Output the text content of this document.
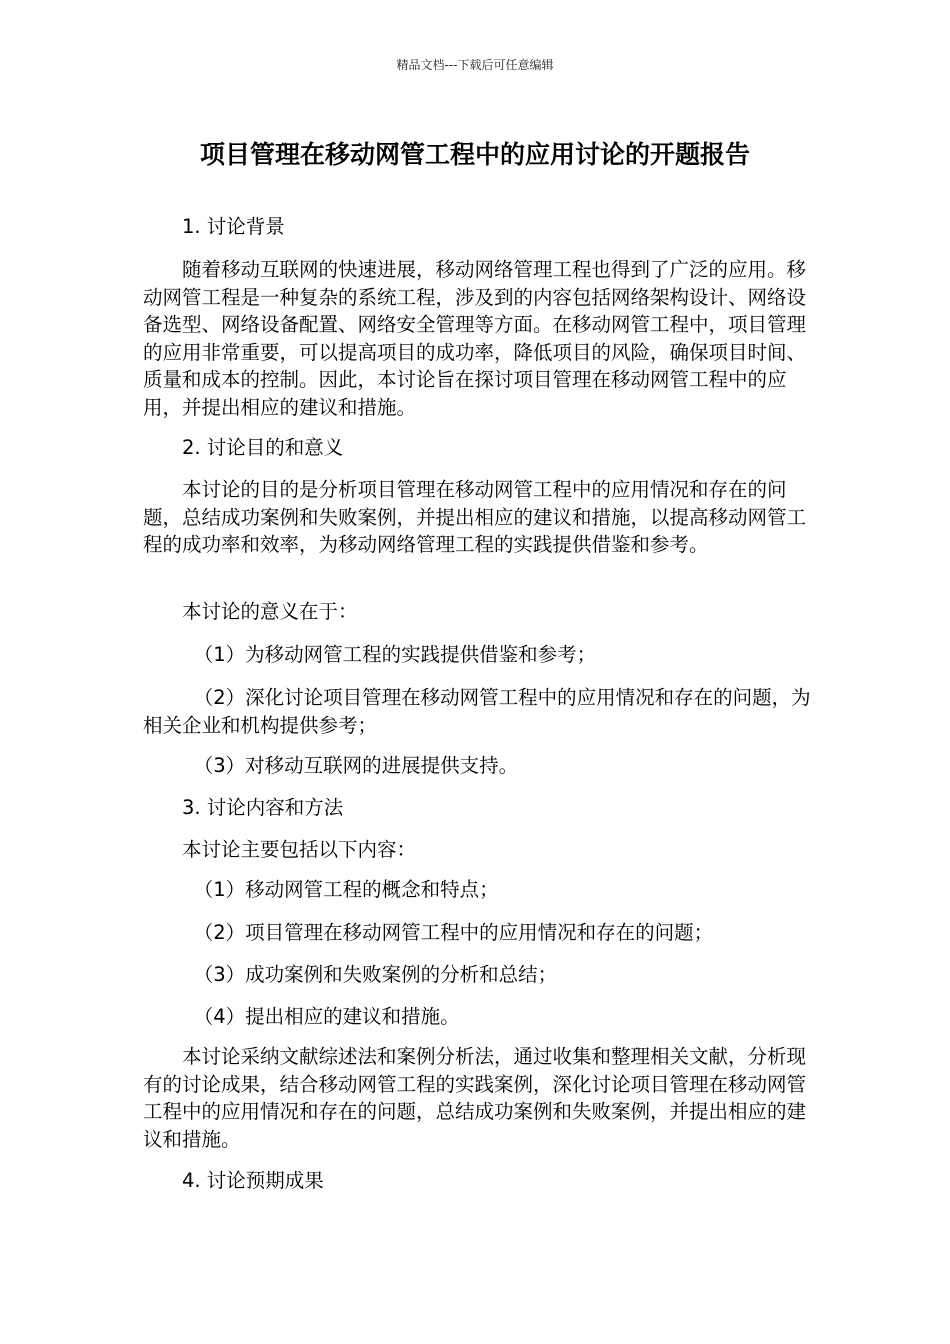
精品文档---下载后可任意编辑
项目管理在移动网管工程中的应用讨论的开题报告

1. 讨论背景

随着移动互联网的快速进展，移动网络管理工程也得到了广泛的应用。移动网管工程是一种复杂的系统工程，涉及到的内容包括网络架构设计、网络设备选型、网络设备配置、网络安全管理等方面。在移动网管工程中，项目管理的应用非常重要，可以提高项目的成功率，降低项目的风险，确保项目时间、质量和成本的控制。因此，本讨论旨在探讨项目管理在移动网管工程中的应用，并提出相应的建议和措施。

2. 讨论目的和意义

本讨论的目的是分析项目管理在移动网管工程中的应用情况和存在的问题，总结成功案例和失败案例，并提出相应的建议和措施，以提高移动网管工程的成功率和效率，为移动网络管理工程的实践提供借鉴和参考。

本讨论的意义在于：

（1）为移动网管工程的实践提供借鉴和参考；

（2）深化讨论项目管理在移动网管工程中的应用情况和存在的问题，为相关企业和机构提供参考；

（3）对移动互联网的进展提供支持。

3. 讨论内容和方法

本讨论主要包括以下内容：

（1）移动网管工程的概念和特点；

（2）项目管理在移动网管工程中的应用情况和存在的问题；

（3）成功案例和失败案例的分析和总结；

（4）提出相应的建议和措施。

本讨论采纳文献综述法和案例分析法，通过收集和整理相关文献，分析现有的讨论成果，结合移动网管工程的实践案例，深化讨论项目管理在移动网管工程中的应用情况和存在的问题，总结成功案例和失败案例，并提出相应的建议和措施。

4. 讨论预期成果
